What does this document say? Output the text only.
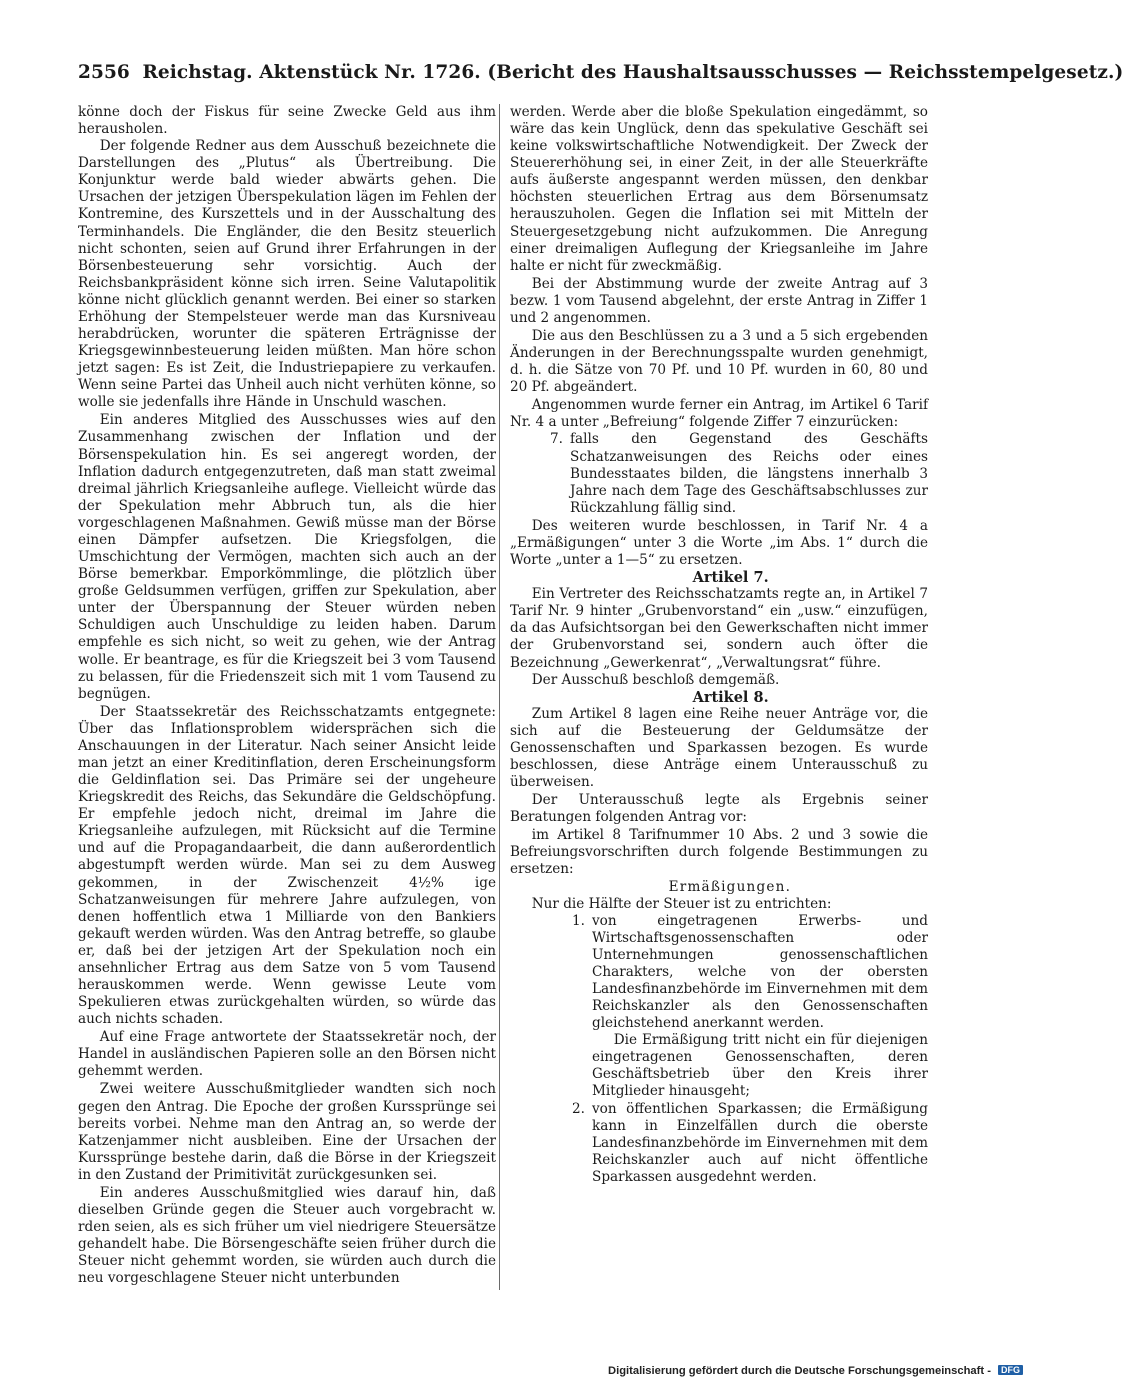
2556 Reichstag. Aktenstück Nr. 1726. (Bericht des Haushaltsausschusses — Reichsstempelgesetz.)

könne doch der Fiskus für seine Zwecke Geld aus ihm herausholen.

Der folgende Redner aus dem Ausschuß bezeichnete die Darstellungen des „Plutus“ als Übertreibung. Die Konjunktur werde bald wieder abwärts gehen. Die Ursachen der jetzigen Überspekulation lägen im Fehlen der Kontremine, des Kurszettels und in der Ausschaltung des Terminhandels. Die Engländer, die den Besitz steuerlich nicht schonten, seien auf Grund ihrer Erfahrungen in der Börsenbesteuerung sehr vorsichtig. Auch der Reichsbankpräsident könne sich irren. Seine Valutapolitik könne nicht glücklich genannt werden. Bei einer so starken Erhöhung der Stempelsteuer werde man das Kursniveau herabdrücken, worunter die späteren Erträgnisse der Kriegsgewinnbesteuerung leiden müßten. Man höre schon jetzt sagen: Es ist Zeit, die Industriepapiere zu verkaufen. Wenn seine Partei das Unheil auch nicht verhüten könne, so wolle sie jedenfalls ihre Hände in Unschuld waschen.

Ein anderes Mitglied des Ausschusses wies auf den Zusammenhang zwischen der Inflation und der Börsenspekulation hin. Es sei angeregt worden, der Inflation dadurch entgegenzutreten, daß man statt zweimal dreimal jährlich Kriegsanleihe auflege. Vielleicht würde das der Spekulation mehr Abbruch tun, als die hier vorgeschlagenen Maßnahmen. Gewiß müsse man der Börse einen Dämpfer aufsetzen. Die Kriegsfolgen, die Umschichtung der Vermögen, machten sich auch an der Börse bemerkbar. Emporkömmlinge, die plötzlich über große Geldsummen verfügen, griffen zur Spekulation, aber unter der Überspannung der Steuer würden neben Schuldigen auch Unschuldige zu leiden haben. Darum empfehle es sich nicht, so weit zu gehen, wie der Antrag wolle. Er beantrage, es für die Kriegszeit bei 3 vom Tausend zu belassen, für die Friedenszeit sich mit 1 vom Tausend zu begnügen.

Der Staatssekretär des Reichsschatzamts entgegnete: Über das Inflationsproblem widersprächen sich die Anschauungen in der Literatur. Nach seiner Ansicht leide man jetzt an einer Kreditinflation, deren Erscheinungsform die Geldinflation sei. Das Primäre sei der ungeheure Kriegskredit des Reichs, das Sekundäre die Geldschöpfung. Er empfehle jedoch nicht, dreimal im Jahre die Kriegsanleihe aufzulegen, mit Rücksicht auf die Termine und auf die Propagandaarbeit, die dann außerordentlich abgestumpft werden würde. Man sei zu dem Ausweg gekommen, in der Zwischenzeit 4½% ige Schatzanweisungen für mehrere Jahre aufzulegen, von denen hoffentlich etwa 1 Milliarde von den Bankiers gekauft werden würden. Was den Antrag betreffe, so glaube er, daß bei der jetzigen Art der Spekulation noch ein ansehnlicher Ertrag aus dem Satze von 5 vom Tausend herauskommen werde. Wenn gewisse Leute vom Spekulieren etwas zurückgehalten würden, so würde das auch nichts schaden.

Auf eine Frage antwortete der Staatssekretär noch, der Handel in ausländischen Papieren solle an den Börsen nicht gehemmt werden.

Zwei weitere Ausschußmitglieder wandten sich noch gegen den Antrag. Die Epoche der großen Kurssprünge sei bereits vorbei. Nehme man den Antrag an, so werde der Katzenjammer nicht ausbleiben. Eine der Ursachen der Kurssprünge bestehe darin, daß die Börse in der Kriegszeit in den Zustand der Primitivität zurückgesunken sei.

Ein anderes Ausschußmitglied wies darauf hin, daß dieselben Gründe gegen die Steuer auch vorgebracht w. rden seien, als es sich früher um viel niedrigere Steuersätze gehandelt habe. Die Börsengeschäfte seien früher durch die Steuer nicht gehemmt worden, sie würden auch durch die neu vorgeschlagene Steuer nicht unterbunden

werden. Werde aber die bloße Spekulation eingedämmt, so wäre das kein Unglück, denn das spekulative Geschäft sei keine volkswirtschaftliche Notwendigkeit. Der Zweck der Steuererhöhung sei, in einer Zeit, in der alle Steuerkräfte aufs äußerste angespannt werden müssen, den denkbar höchsten steuerlichen Ertrag aus dem Börsenumsatz herauszuholen. Gegen die Inflation sei mit Mitteln der Steuergesetzgebung nicht aufzukommen. Die Anregung einer dreimaligen Auflegung der Kriegsanleihe im Jahre halte er nicht für zweckmäßig.

Bei der Abstimmung wurde der zweite Antrag auf 3 bezw. 1 vom Tausend abgelehnt, der erste Antrag in Ziffer 1 und 2 angenommen.

Die aus den Beschlüssen zu a 3 und a 5 sich ergebenden Änderungen in der Berechnungsspalte wurden genehmigt, d. h. die Sätze von 70 Pf. und 10 Pf. wurden in 60, 80 und 20 Pf. abgeändert.

Angenommen wurde ferner ein Antrag, im Artikel 6 Tarif Nr. 4 a unter „Befreiung“ folgende Ziffer 7 einzurücken:

7. falls den Gegenstand des Geschäfts Schatzanweisungen des Reichs oder eines Bundesstaates bilden, die längstens innerhalb 3 Jahre nach dem Tage des Geschäftsabschlusses zur Rückzahlung fällig sind.

Des weiteren wurde beschlossen, in Tarif Nr. 4 a „Ermäßigungen“ unter 3 die Worte „im Abs. 1“ durch die Worte „unter a 1—5“ zu ersetzen.

Artikel 7.

Ein Vertreter des Reichsschatzamts regte an, in Artikel 7 Tarif Nr. 9 hinter „Grubenvorstand“ ein „usw.“ einzufügen, da das Aufsichtsorgan bei den Gewerkschaften nicht immer der Grubenvorstand sei, sondern auch öfter die Bezeichnung „Gewerkenrat“, „Verwaltungsrat“ führe.

Der Ausschuß beschloß demgemäß.

Artikel 8.

Zum Artikel 8 lagen eine Reihe neuer Anträge vor, die sich auf die Besteuerung der Geldumsätze der Genossenschaften und Sparkassen bezogen. Es wurde beschlossen, diese Anträge einem Unterausschuß zu überweisen.

Der Unterausschuß legte als Ergebnis seiner Beratungen folgenden Antrag vor:

im Artikel 8 Tarifnummer 10 Abs. 2 und 3 sowie die Befreiungsvorschriften durch folgende Bestimmungen zu ersetzen:

Ermäßigungen.

Nur die Hälfte der Steuer ist zu entrichten:

1. von eingetragenen Erwerbs- und Wirtschaftsgenossenschaften oder Unternehmungen genossenschaftlichen Charakters, welche von der obersten Landesfinanzbehörde im Einvernehmen mit dem Reichskanzler als den Genossenschaften gleichstehend anerkannt werden.
Die Ermäßigung tritt nicht ein für diejenigen eingetragenen Genossenschaften, deren Geschäftsbetrieb über den Kreis ihrer Mitglieder hinausgeht;
2. von öffentlichen Sparkassen; die Ermäßigung kann in Einzelfällen durch die oberste Landesfinanzbehörde im Einvernehmen mit dem Reichskanzler auch auf nicht öffentliche Sparkassen ausgedehnt werden.
Digitalisierung gefördert durch die Deutsche Forschungsgemeinschaft - DFG
